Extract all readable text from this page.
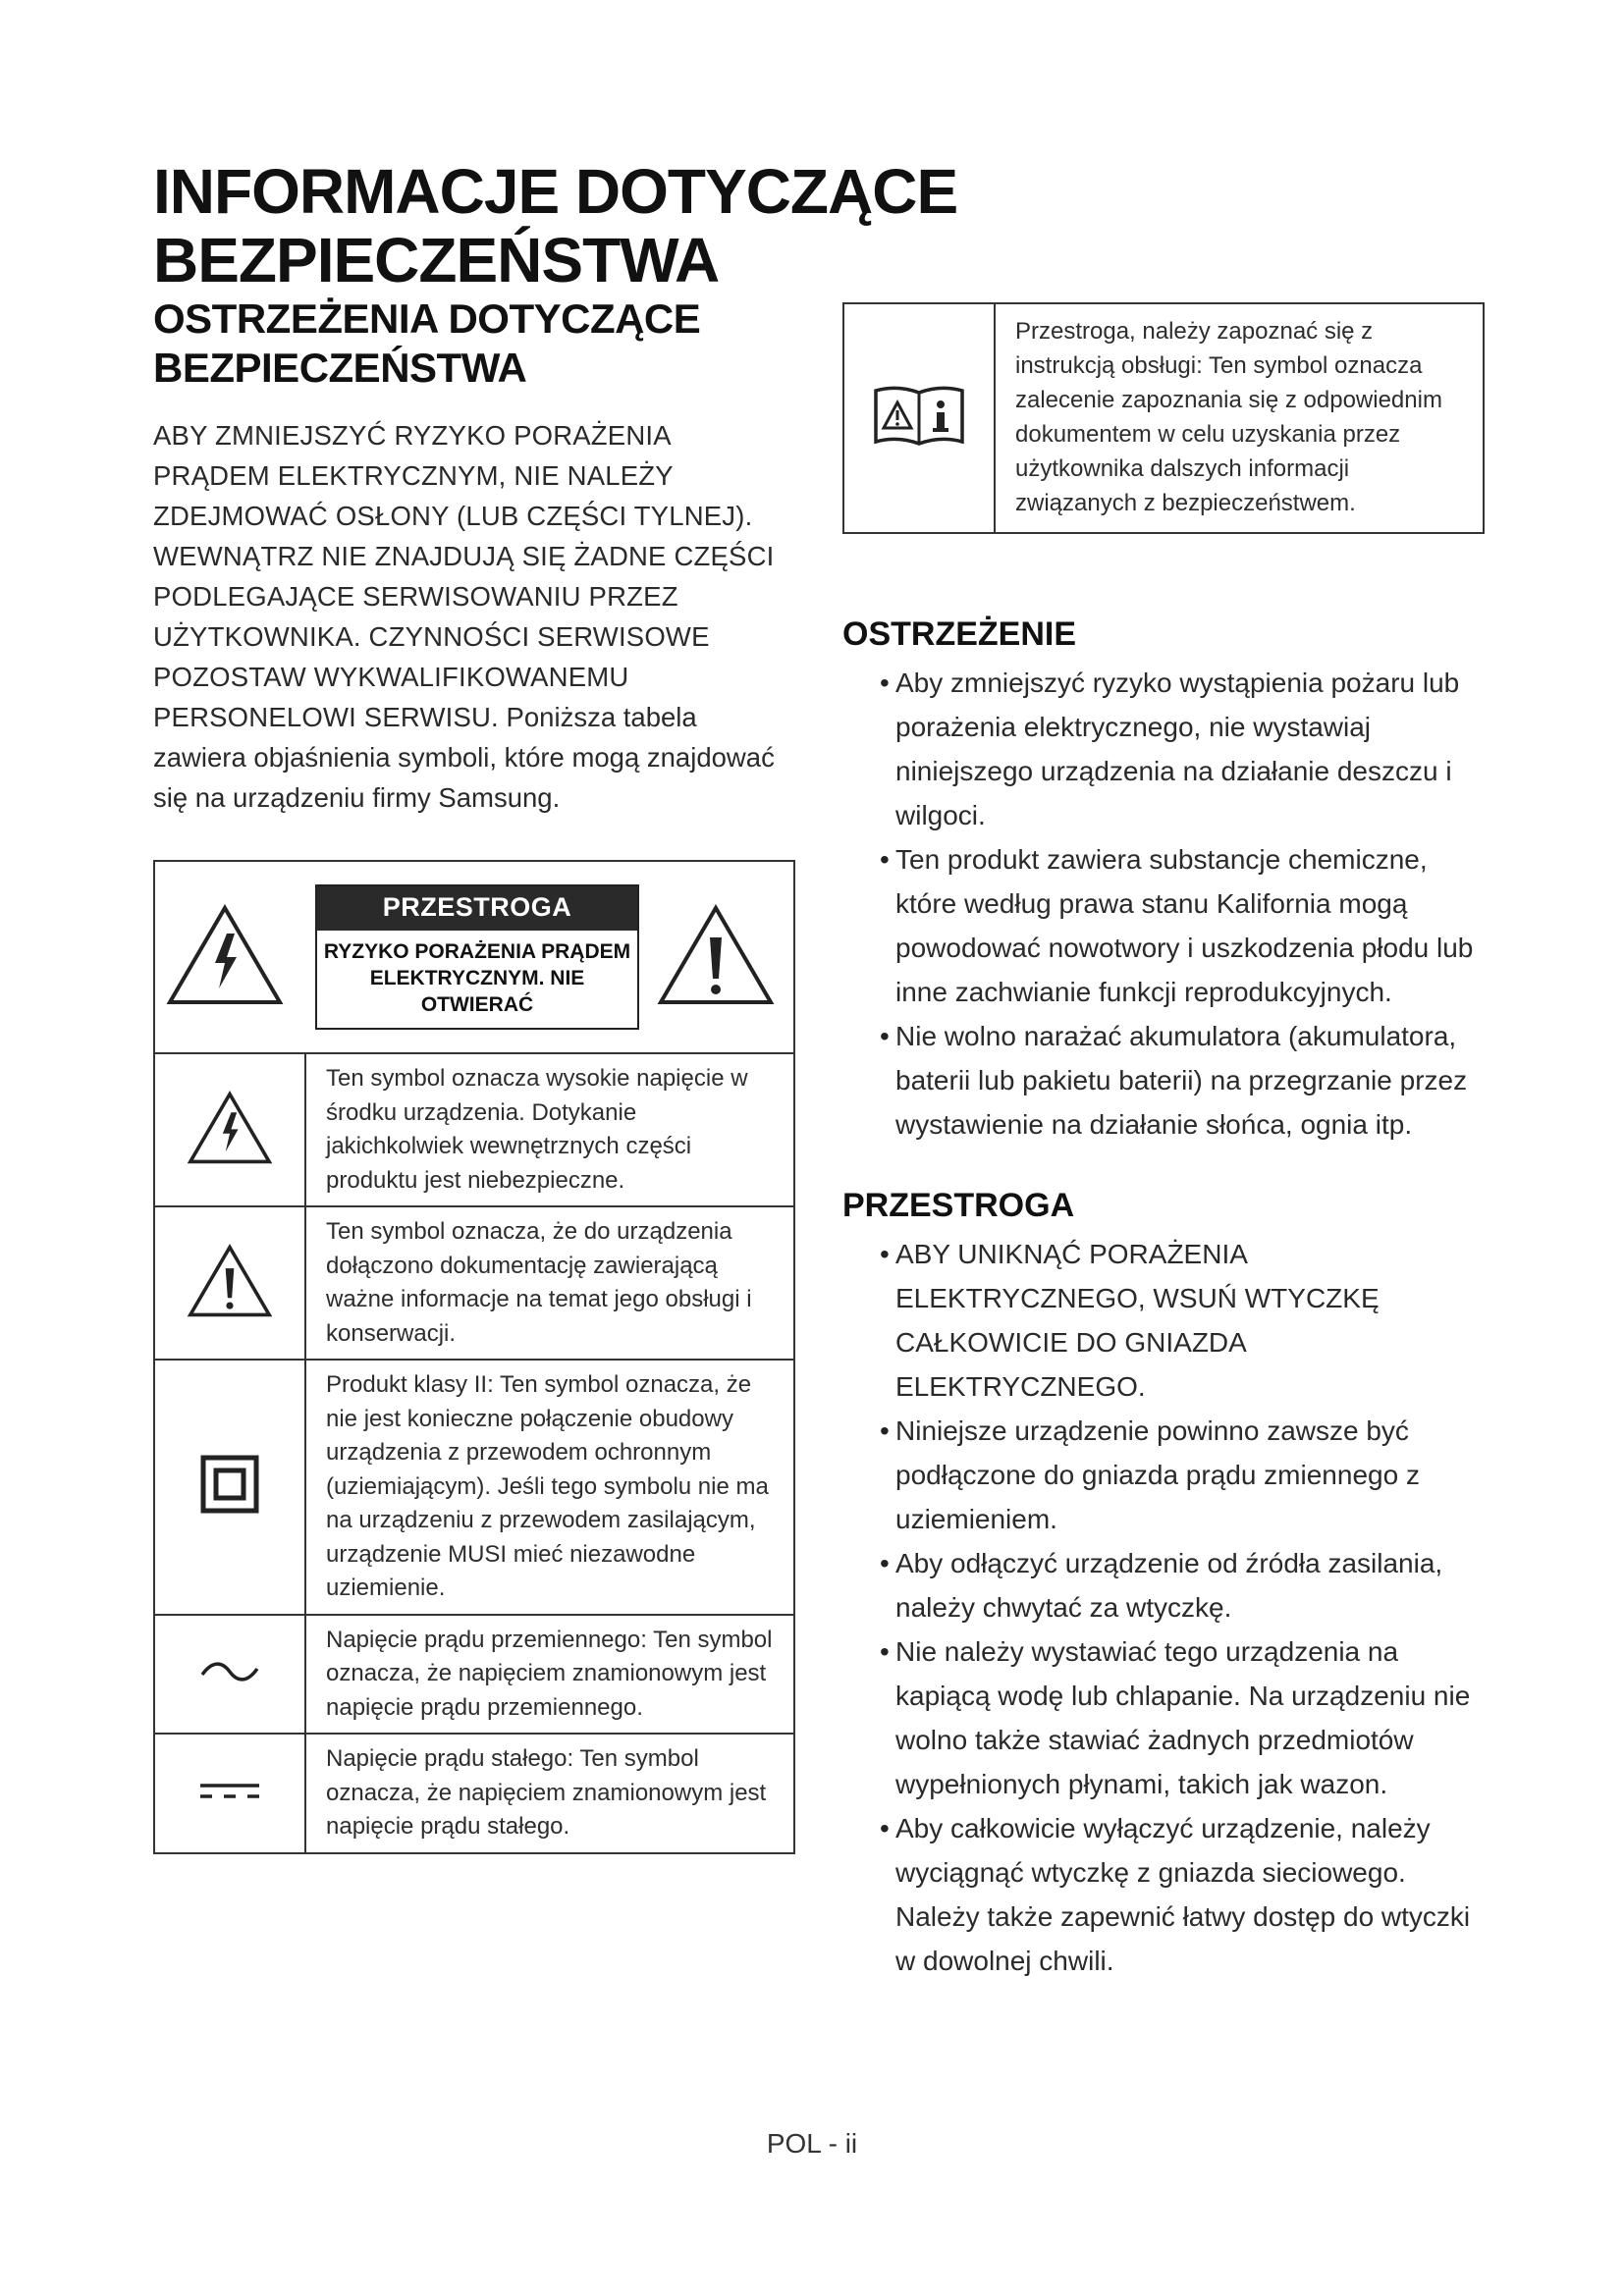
INFORMACJE DOTYCZĄCE BEZPIECZEŃSTWA
OSTRZEŻENIA DOTYCZĄCE BEZPIECZEŃSTWA
ABY ZMNIEJSZYĆ RYZYKO PORAŻENIA PRĄDEM ELEKTRYCZNYM, NIE NALEŻY ZDEJMOWAĆ OSŁONY (LUB CZĘŚCI TYLNEJ). WEWNĄTRZ NIE ZNAJDUJĄ SIĘ ŻADNE CZĘŚCI PODLEGAJĄCE SERWISOWANIU PRZEZ UŻYTKOWNIKA. CZYNNOŚCI SERWISOWE POZOSTAW WYKWALIFIKOWANEMU PERSONELOWI SERWISU. Poniższa tabela zawiera objaśnienia symboli, które mogą znajdować się na urządzeniu firmy Samsung.
PRZESTROGA
RYZYKO PORAŻENIA PRĄDEM ELEKTRYCZNYM. NIE OTWIERAĆ	

	Ten symbol oznacza wysokie napięcie w środku urządzenia. Dotykanie jakichkolwiek wewnętrznych części produktu jest niebezpieczne.
	Ten symbol oznacza, że do urządzenia dołączono dokumentację zawierającą ważne informacje na temat jego obsługi i konserwacji.
	Produkt klasy II: Ten symbol oznacza, że nie jest konieczne połączenie obudowy urządzenia z przewodem ochronnym (uziemiającym). Jeśli tego symbolu nie ma na urządzeniu z przewodem zasilającym, urządzenie MUSI mieć niezawodne uziemienie.
	Napięcie prądu przemiennego: Ten symbol oznacza, że napięciem znamionowym jest napięcie prądu przemiennego.
	Napięcie prądu stałego: Ten symbol oznacza, że napięciem znamionowym jest napięcie prądu stałego.
	Przestroga, należy zapoznać się z instrukcją obsługi: Ten symbol oznacza zalecenie zapoznania się z odpowiednim dokumentem w celu uzyskania przez użytkownika dalszych informacji związanych z bezpieczeństwem.
OSTRZEŻENIE
• Aby zmniejszyć ryzyko wystąpienia pożaru lub porażenia elektrycznego, nie wystawiaj niniejszego urządzenia na działanie deszczu i wilgoci.
• Ten produkt zawiera substancje chemiczne, które według prawa stanu Kalifornia mogą powodować nowotwory i uszkodzenia płodu lub inne zachwianie funkcji reprodukcyjnych.
• Nie wolno narażać akumulatora (akumulatora, baterii lub pakietu baterii) na przegrzanie przez wystawienie na działanie słońca, ognia itp.
PRZESTROGA
• ABY UNIKNĄĆ PORAŻENIA ELEKTRYCZNEGO, WSUŃ WTYCZKĘ CAŁKOWICIE DO GNIAZDA ELEKTRYCZNEGO.
• Niniejsze urządzenie powinno zawsze być podłączone do gniazda prądu zmiennego z uziemieniem.
• Aby odłączyć urządzenie od źródła zasilania, należy chwytać za wtyczkę.
• Nie należy wystawiać tego urządzenia na kapiącą wodę lub chlapanie. Na urządzeniu nie wolno także stawiać żadnych przedmiotów wypełnionych płynami, takich jak wazon.
• Aby całkowicie wyłączyć urządzenie, należy wyciągnąć wtyczkę z gniazda sieciowego. Należy także zapewnić łatwy dostęp do wtyczki w dowolnej chwili.
POL - ii
